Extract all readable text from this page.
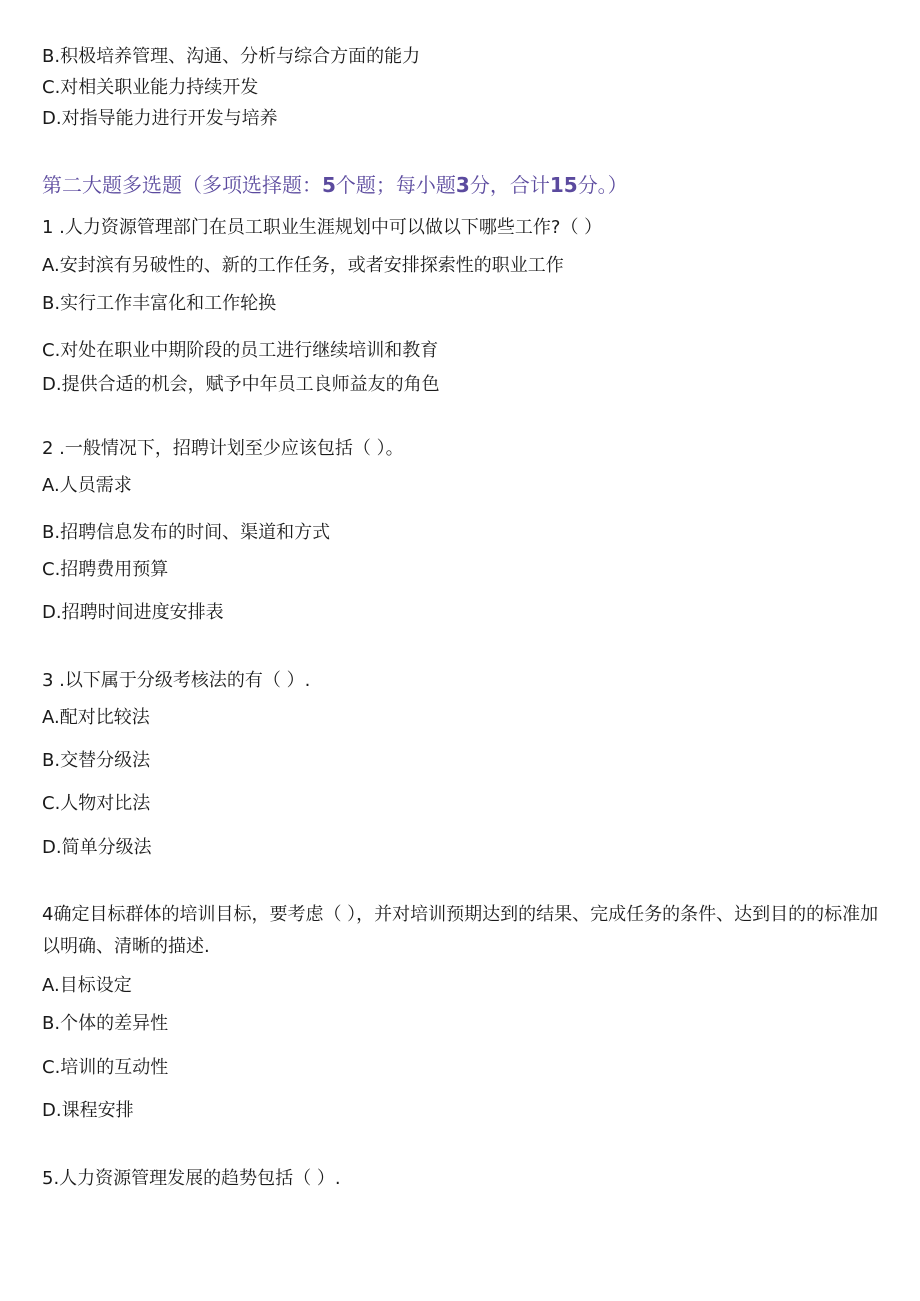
B.积极培养管理、沟通、分析与综合方面的能力
C.对相关职业能力持续开发
D.对指导能力进行开发与培养
第二大题多选题（多项选择题：5个题；每小题3分，合计15分。）
1 .人力资源管理部门在员工职业生涯规划中可以做以下哪些工作?（ ）
A.安封滨有另破性的、新的工作任务，或者安排探索性的职业工作
B.实行工作丰富化和工作轮换
C.对处在职业中期阶段的员工进行继续培训和教育
D.提供合适的机会，赋予中年员工良师益友的角色
2 .一般情况下，招聘计划至少应该包括（ ）。
A.人员需求
B.招聘信息发布的时间、渠道和方式
C.招聘费用预算
D.招聘时间进度安排表
3 .以下属于分级考核法的有（ ）.
A.配对比较法
B.交替分级法
C.人物对比法
D.简单分级法
4确定目标群体的培训目标，要考虑（ ），并对培训预期达到的结果、完成任务的条件、达到目的的标准加以明确、清晰的描述.
A.目标设定
B.个体的差异性
C.培训的互动性
D.课程安排
5.人力资源管理发展的趋势包括（ ）.
